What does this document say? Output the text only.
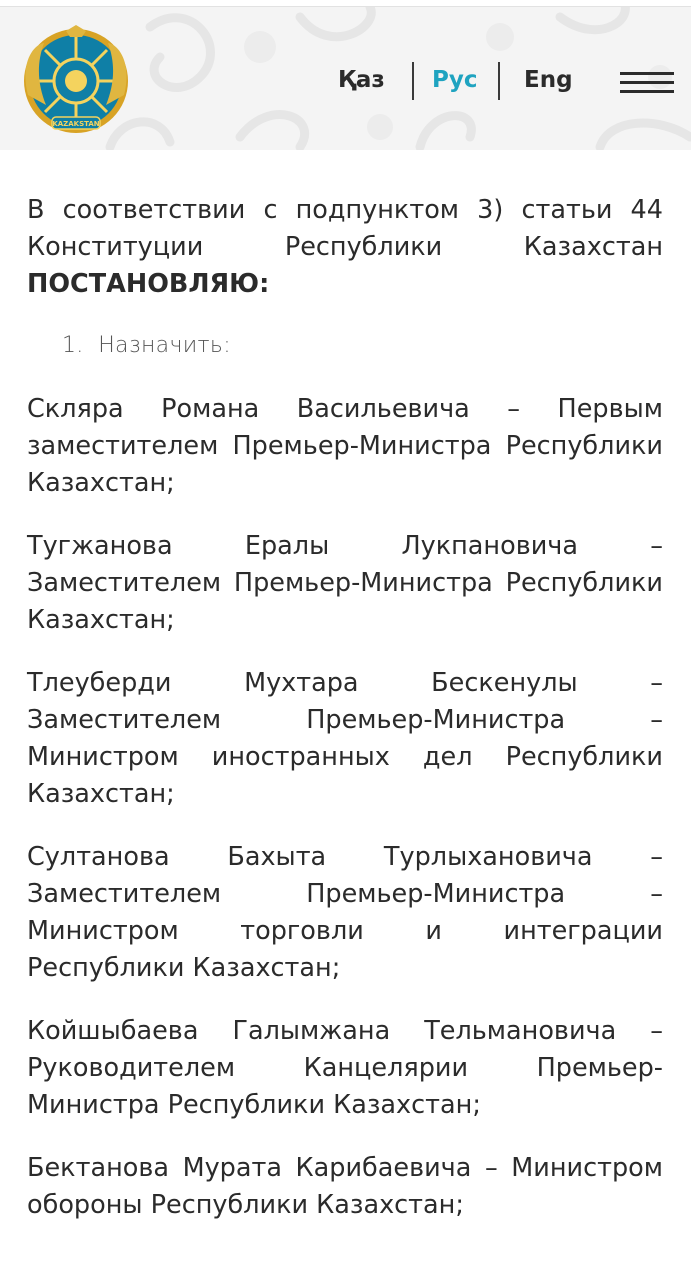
KAZAKSTAN
Қаз Рус Eng

В соответствии с подпунктом 3) статьи 44 Конституции Республики Казахстан ПОСТАНОВЛЯЮ:

1. Назначить:

Скляра Романа Васильевича – Первым заместителем Премьер-Министра Республики Казахстан;

Тугжанова Ералы Лукпановича – Заместителем Премьер-Министра Республики Казахстан;

Тлеуберди Мухтара Бескенулы – Заместителем Премьер-Министра – Министром иностранных дел Республики Казахстан;

Султанова Бахыта Турлыхановича – Заместителем Премьер-Министра – Министром торговли и интеграции Республики Казахстан;

Койшыбаева Галымжана Тельмановича – Руководителем Канцелярии Премьер-Министра Республики Казахстан;

Бектанова Мурата Карибаевича – Министром обороны Республики Казахстан;
